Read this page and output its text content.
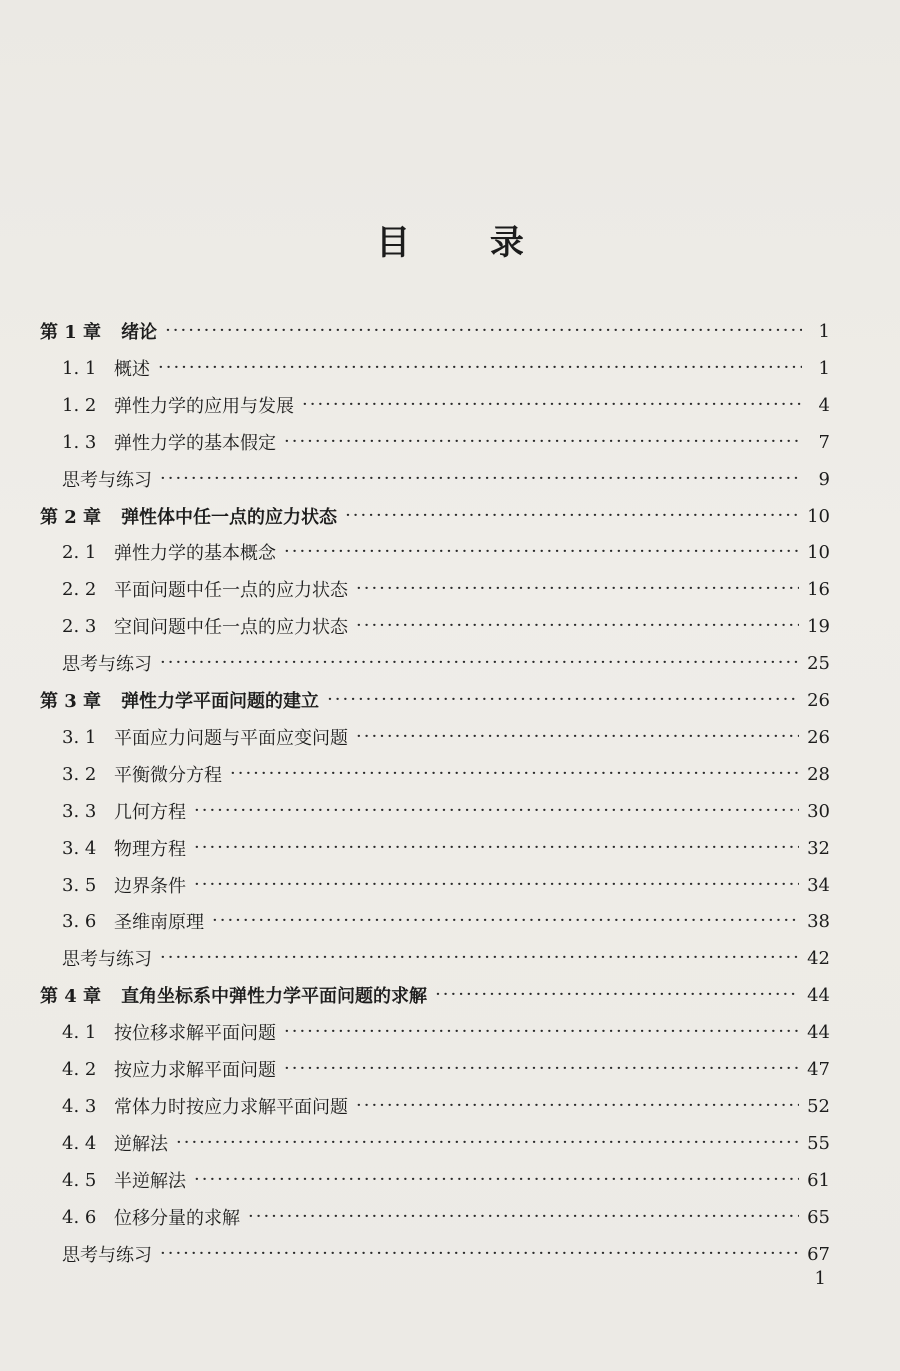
目 录
第 1 章 绪论 ·····	1
1. 1 概述 ·····	1
1. 2 弹性力学的应用与发展 ·····	4
1. 3 弹性力学的基本假定 ·····	7
思考与练习 ·····	9
第 2 章 弹性体中任一点的应力状态 ·····	10
2. 1 弹性力学的基本概念 ·····	10
2. 2 平面问题中任一点的应力状态 ·····	16
2. 3 空间问题中任一点的应力状态 ·····	19
思考与练习 ·····	25
第 3 章 弹性力学平面问题的建立 ·····	26
3. 1 平面应力问题与平面应变问题 ·····	26
3. 2 平衡微分方程 ·····	28
3. 3 几何方程 ·····	30
3. 4 物理方程 ·····	32
3. 5 边界条件 ·····	34
3. 6 圣维南原理 ·····	38
思考与练习 ·····	42
第 4 章 直角坐标系中弹性力学平面问题的求解 ·····	44
4. 1 按位移求解平面问题 ·····	44
4. 2 按应力求解平面问题 ·····	47
4. 3 常体力时按应力求解平面问题 ·····	52
4. 4 逆解法 ·····	55
4. 5 半逆解法 ·····	61
4. 6 位移分量的求解 ·····	65
思考与练习 ·····	67
1
